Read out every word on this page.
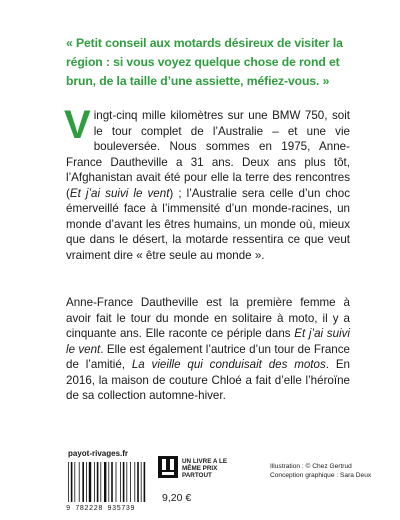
« Petit conseil aux motards désireux de visiter la région : si vous voyez quelque chose de rond et brun, de la taille d’une assiette, méfiez-vous. »
Vingt-cinq mille kilomètres sur une BMW 750, soit le tour complet de l’Australie – et une vie bouleversée. Nous sommes en 1975, Anne-France Dautheville a 31 ans. Deux ans plus tôt, l’Afghanistan avait été pour elle la terre des rencontres (Et j’ai suivi le vent) ; l’Australie sera celle d’un choc émerveillé face à l’immensité d’un monde-racines, un monde d’avant les êtres humains, un monde où, mieux que dans le désert, la motarde ressentira ce que veut vraiment dire « être seule au monde ».
Anne-France Dautheville est la première femme à avoir fait le tour du monde en solitaire à moto, il y a cinquante ans. Elle raconte ce périple dans Et j’ai suivi le vent. Elle est également l’autrice d’un tour de France de l’amitié, La vieille qui conduisait des motos. En 2016, la maison de couture Chloé a fait d’elle l’héroïne de sa collection automne-hiver.
payot-rivages.fr
9 782228 935739
UN LIVRE A LE MÊME PRIX PARTOUT
9,20 €
Illustration : © Chez Gertrud
Conception graphique : Sara Deux
